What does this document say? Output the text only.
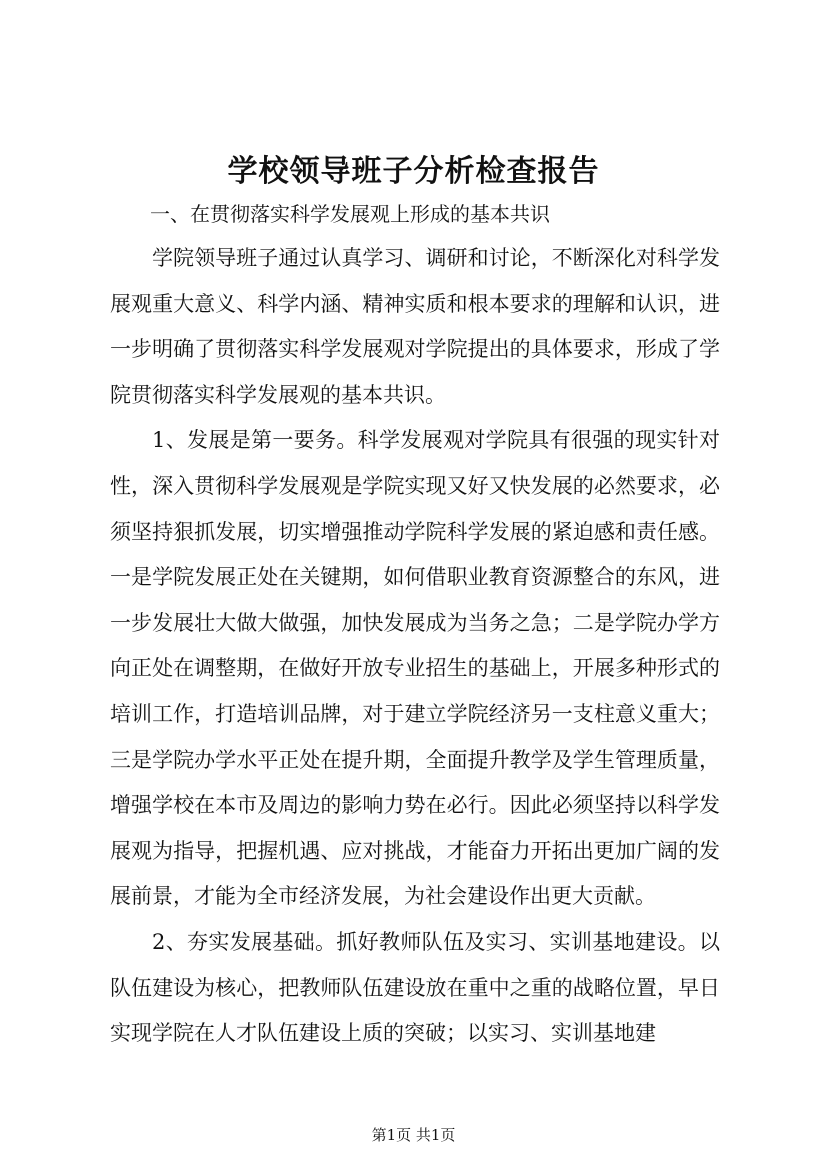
学校领导班子分析检查报告
一、在贯彻落实科学发展观上形成的基本共识

学院领导班子通过认真学习、调研和讨论，不断深化对科学发展观重大意义、科学内涵、精神实质和根本要求的理解和认识，进一步明确了贯彻落实科学发展观对学院提出的具体要求，形成了学院贯彻落实科学发展观的基本共识。

1、发展是第一要务。科学发展观对学院具有很强的现实针对性，深入贯彻科学发展观是学院实现又好又快发展的必然要求，必须坚持狠抓发展，切实增强推动学院科学发展的紧迫感和责任感。一是学院发展正处在关键期，如何借职业教育资源整合的东风，进一步发展壮大做大做强，加快发展成为当务之急；二是学院办学方向正处在调整期，在做好开放专业招生的基础上，开展多种形式的培训工作，打造培训品牌，对于建立学院经济另一支柱意义重大；三是学院办学水平正处在提升期，全面提升教学及学生管理质量，增强学校在本市及周边的影响力势在必行。因此必须坚持以科学发展观为指导，把握机遇、应对挑战，才能奋力开拓出更加广阔的发展前景，才能为全市经济发展，为社会建设作出更大贡献。

2、夯实发展基础。抓好教师队伍及实习、实训基地建设。以队伍建设为核心，把教师队伍建设放在重中之重的战略位置，早日实现学院在人才队伍建设上质的突破；以实习、实训基地建

第1页 共1页
